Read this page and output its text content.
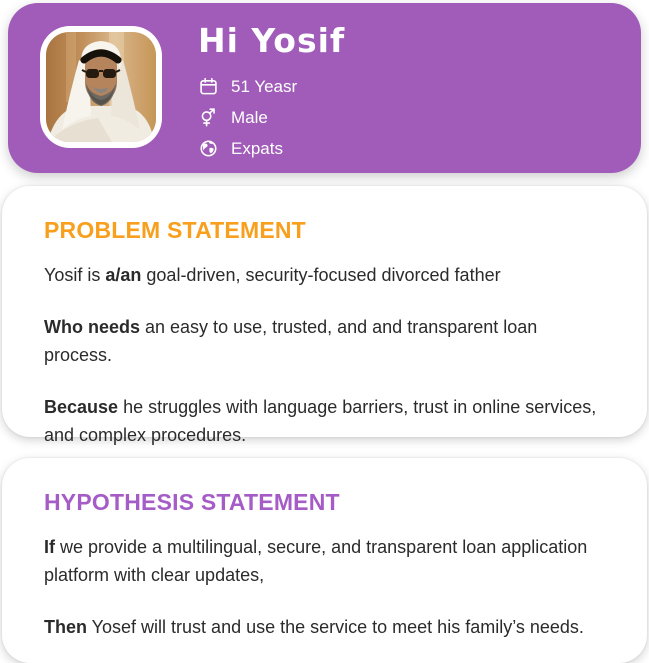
Hi Yosif
51 Yeasr
Male
Expats
PROBLEM STATEMENT

Yosif is a/an goal-driven, security-focused divorced father

Who needs an easy to use, trusted, and and transparent loan
process.

Because he struggles with language barriers, trust in online services,
and complex procedures.

HYPOTHESIS STATEMENT

If we provide a multilingual, secure, and transparent loan application
platform with clear updates,

Then Yosef will trust and use the service to meet his family’s needs.
